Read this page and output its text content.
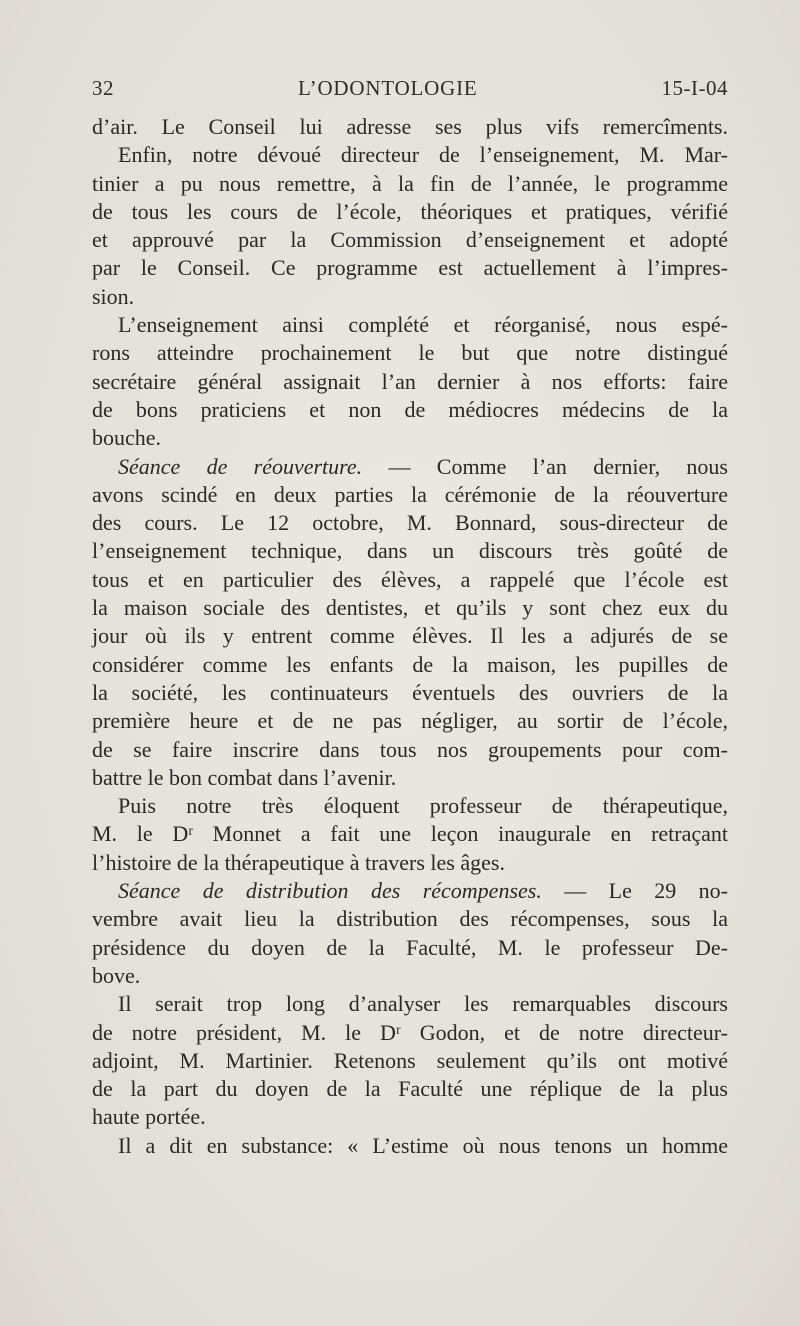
32	L’ODONTOLOGIE	15-I-04
d’air. Le Conseil lui adresse ses plus vifs remercîments.
Enfin, notre dévoué directeur de l’enseignement, M. Mar-
tinier a pu nous remettre, à la fin de l’année, le programme
de tous les cours de l’école, théoriques et pratiques, vérifié
et approuvé par la Commission d’enseignement et adopté
par le Conseil. Ce programme est actuellement à l’impres-
sion.
L’enseignement ainsi complété et réorganisé, nous espé-
rons atteindre prochainement le but que notre distingué
secrétaire général assignait l’an dernier à nos efforts: faire
de bons praticiens et non de médiocres médecins de la
bouche.
Séance de réouverture. — Comme l’an dernier, nous
avons scindé en deux parties la cérémonie de la réouverture
des cours. Le 12 octobre, M. Bonnard, sous-directeur de
l’enseignement technique, dans un discours très goûté de
tous et en particulier des élèves, a rappelé que l’école est
la maison sociale des dentistes, et qu’ils y sont chez eux du
jour où ils y entrent comme élèves. Il les a adjurés de se
considérer comme les enfants de la maison, les pupilles de
la société, les continuateurs éventuels des ouvriers de la
première heure et de ne pas négliger, au sortir de l’école,
de se faire inscrire dans tous nos groupements pour com-
battre le bon combat dans l’avenir.
Puis notre très éloquent professeur de thérapeutique,
M. le Dʳ Monnet a fait une leçon inaugurale en retraçant
l’histoire de la thérapeutique à travers les âges.
Séance de distribution des récompenses. — Le 29 no-
vembre avait lieu la distribution des récompenses, sous la
présidence du doyen de la Faculté, M. le professeur De-
bove.
Il serait trop long d’analyser les remarquables discours
de notre président, M. le Dʳ Godon, et de notre directeur-
adjoint, M. Martinier. Retenons seulement qu’ils ont motivé
de la part du doyen de la Faculté une réplique de la plus
haute portée.
Il a dit en substance: « L’estime où nous tenons un homme
